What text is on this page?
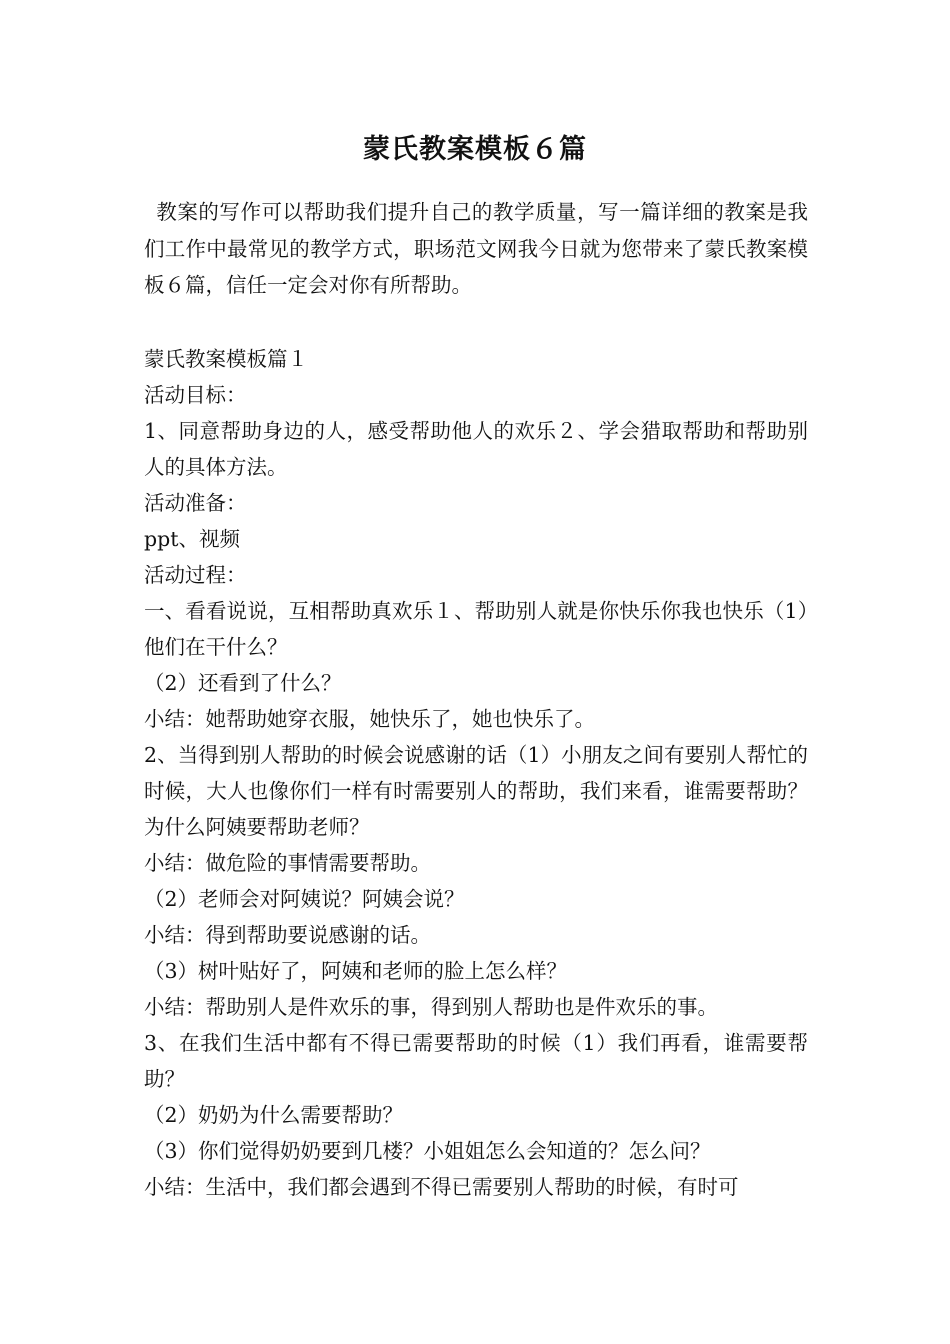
蒙氏教案模板６篇

教案的写作可以帮助我们提升自己的教学质量，写一篇详细的教案是我们工作中最常见的教学方式，职场范文网我今日就为您带来了蒙氏教案模板６篇，信任一定会对你有所帮助。

蒙氏教案模板篇１

活动目标：

1、同意帮助身边的人，感受帮助他人的欢乐２、学会猎取帮助和帮助别人的具体方法。

活动准备：

ppt、视频

活动过程：

一、看看说说，互相帮助真欢乐１、帮助别人就是你快乐你我也快乐（1）他们在干什么？

（2）还看到了什么？

小结：她帮助她穿衣服，她快乐了，她也快乐了。

2、当得到别人帮助的时候会说感谢的话（1）小朋友之间有要别人帮忙的时候，大人也像你们一样有时需要别人的帮助，我们来看，谁需要帮助？为什么阿姨要帮助老师？

小结：做危险的事情需要帮助。

（2）老师会对阿姨说？阿姨会说？

小结：得到帮助要说感谢的话。

（3）树叶贴好了，阿姨和老师的脸上怎么样？

小结：帮助别人是件欢乐的事，得到别人帮助也是件欢乐的事。

3、在我们生活中都有不得已需要帮助的时候（1）我们再看，谁需要帮助？

（2）奶奶为什么需要帮助？

（3）你们觉得奶奶要到几楼？小姐姐怎么会知道的？怎么问？

小结：生活中，我们都会遇到不得已需要别人帮助的时候，有时可
